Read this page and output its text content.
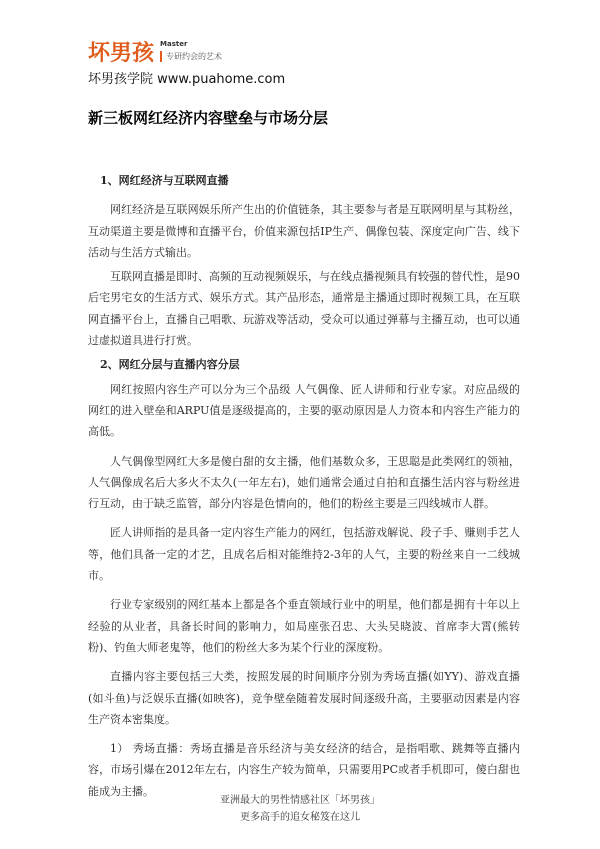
坏男孩 Master
专研约会的艺术
坏男孩学院 www.puahome.com
新三板网红经济内容壁垒与市场分层
1、网红经济与互联网直播

网红经济是互联网娱乐所产生出的价值链条，其主要参与者是互联网明星与其粉丝，互动渠道主要是微博和直播平台，价值来源包括IP生产、偶像包装、深度定向广告、线下活动与生活方式输出。

互联网直播是即时、高频的互动视频娱乐，与在线点播视频具有较强的替代性，是90后宅男宅女的生活方式、娱乐方式。其产品形态，通常是主播通过即时视频工具，在互联网直播平台上，直播自己唱歌、玩游戏等活动，受众可以通过弹幕与主播互动，也可以通过虚拟道具进行打赏。

2、网红分层与直播内容分层

网红按照内容生产可以分为三个品级 人气偶像、匠人讲师和行业专家。对应品级的网红的进入壁垒和ARPU值是逐级提高的，主要的驱动原因是人力资本和内容生产能力的高低。

人气偶像型网红大多是傻白甜的女主播，他们基数众多，王思聪是此类网红的领袖，人气偶像成名后大多火不太久(一年左右)，她们通常会通过自拍和直播生活内容与粉丝进行互动，由于缺乏监管，部分内容是色情向的，他们的粉丝主要是三四线城市人群。

匠人讲师指的是具备一定内容生产能力的网红，包括游戏解说、段子手、赚则手艺人等，他们具备一定的才艺，且成名后相对能维持2-3年的人气，主要的粉丝来自一二线城市。

行业专家级别的网红基本上都是各个垂直领域行业中的明星，他们都是拥有十年以上经验的从业者，具备长时间的影响力，如局座张召忠、大头吴晓波、首席李大霄(熊转粉)、钓鱼大师老鬼等，他们的粉丝大多为某个行业的深度粉。

直播内容主要包括三大类，按照发展的时间顺序分别为秀场直播(如YY)、游戏直播(如斗鱼)与泛娱乐直播(如映客)，竞争壁垒随着发展时间逐级升高，主要驱动因素是内容生产资本密集度。

1） 秀场直播：秀场直播是音乐经济与美女经济的结合，是指唱歌、跳舞等直播内容，市场引爆在2012年左右，内容生产较为简单，只需要用PC或者手机即可，傻白甜也能成为主播。

亚洲最大的男性情感社区「坏男孩」
更多高手的追女秘笈在这儿
